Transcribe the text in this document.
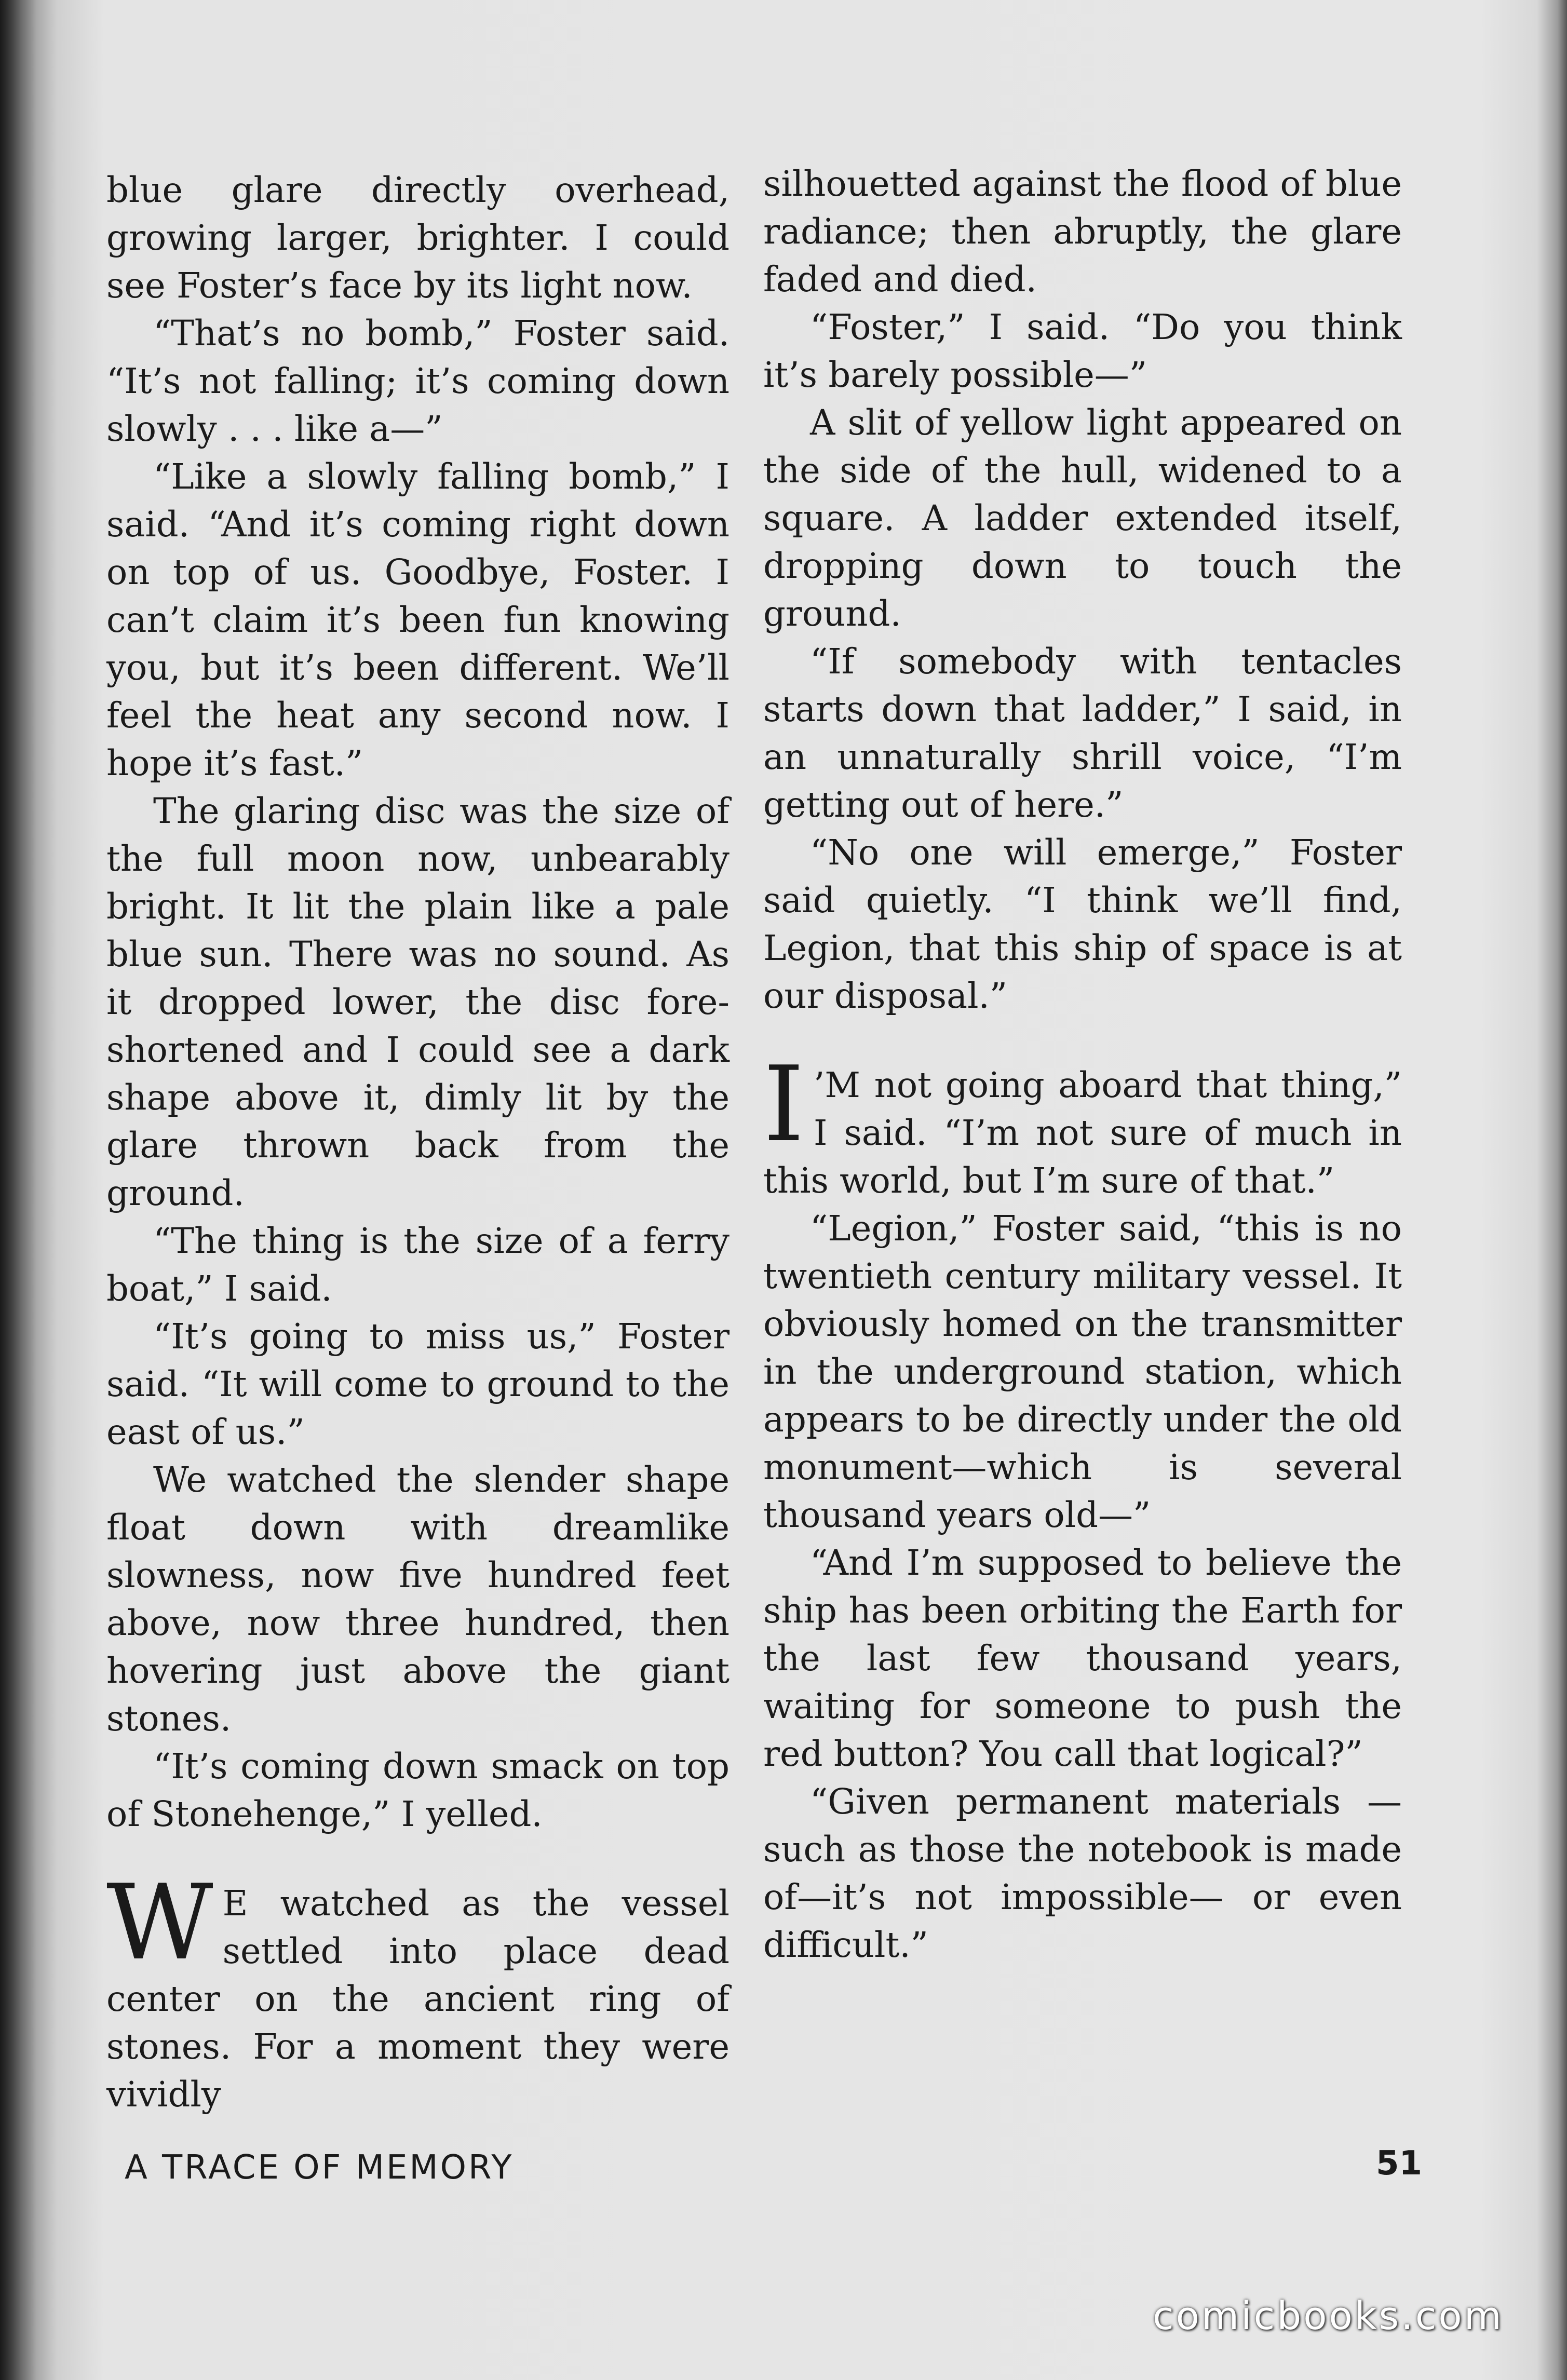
blue glare directly overhead, growing larger, brighter. I could see Foster’s face by its light now.

“That’s no bomb,” Foster said. “It’s not falling; it’s coming down slowly . . . like a—”

“Like a slowly falling bomb,” I said. “And it’s coming right down on top of us. Goodbye, Foster. I can’t claim it’s been fun knowing you, but it’s been different. We’ll feel the heat any second now. I hope it’s fast.”

The glaring disc was the size of the full moon now, unbearably bright. It lit the plain like a pale blue sun. There was no sound. As it dropped lower, the disc fore-shortened and I could see a dark shape above it, dimly lit by the glare thrown back from the ground.

“The thing is the size of a ferry boat,” I said.

“It’s going to miss us,” Foster said. “It will come to ground to the east of us.”

We watched the slender shape float down with dreamlike slowness, now five hundred feet above, now three hundred, then hovering just above the giant stones.

“It’s coming down smack on top of Stonehenge,” I yelled.

W E watched as the vessel settled into place dead center on the ancient ring of stones. For a moment they were vividly

silhouetted against the flood of blue radiance; then abruptly, the glare faded and died.

“Foster,” I said. “Do you think it’s barely possible—”

A slit of yellow light appeared on the side of the hull, widened to a square. A ladder extended itself, dropping down to touch the ground.

“If somebody with tentacles starts down that ladder,” I said, in an unnaturally shrill voice, “I’m getting out of here.”

“No one will emerge,” Foster said quietly. “I think we’ll find, Legion, that this ship of space is at our disposal.”

I ’M not going aboard that thing,” I said. “I’m not sure of much in this world, but I’m sure of that.”

“Legion,” Foster said, “this is no twentieth century military vessel. It obviously homed on the transmitter in the underground station, which appears to be directly under the old monument—which is several thousand years old—”

“And I’m supposed to believe the ship has been orbiting the Earth for the last few thousand years, waiting for someone to push the red button? You call that logical?”

“Given permanent materials —such as those the notebook is made of—it’s not impossible— or even difficult.”

A TRACE OF MEMORY	51
comicbooks.com
